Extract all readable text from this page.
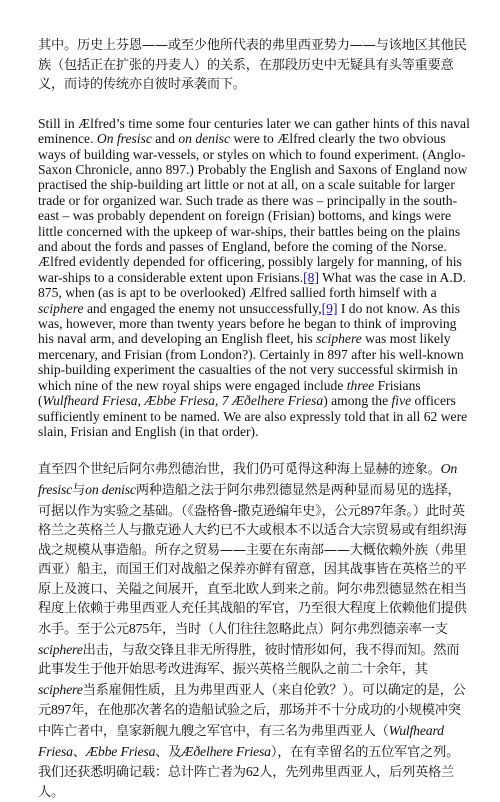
其中。历史上芬恩——或至少他所代表的弗里西亚势力——与该地区其他民族（包括正在扩张的丹麦人）的关系，在那段历史中无疑具有头等重要意义，而诗的传统亦自彼时承袭而下。

Still in Ælfred’s time some four centuries later we can gather hints of this naval eminence. On fresisc and on denisc were to Ælfred clearly the two obvious ways of building war-vessels, or styles on which to found experiment. (Anglo-Saxon Chronicle, anno 897.) Probably the English and Saxons of England now practised the ship-building art little or not at all, on a scale suitable for larger trade or for organized war. Such trade as there was – principally in the south-east – was probably dependent on foreign (Frisian) bottoms, and kings were little concerned with the upkeep of war-ships, their battles being on the plains and about the fords and passes of England, before the coming of the Norse. Ælfred evidently depended for officering, possibly largely for manning, of his war-ships to a considerable extent upon Frisians.[8] What was the case in A.D. 875, when (as is apt to be overlooked) Ælfred sallied forth himself with a sciphere and engaged the enemy not unsuccessfully,[9] I do not know. As this was, however, more than twenty years before he began to think of improving his naval arm, and developing an English fleet, his sciphere was most likely mercenary, and Frisian (from London?). Certainly in 897 after his well-known ship-building experiment the casualties of the not very successful skirmish in which nine of the new royal ships were engaged include three Frisians (Wulfheard Friesa, Æbbe Friesa, 7 Æðelhere Friesa) among the five officers sufficiently eminent to be named. We are also expressly told that in all 62 were slain, Frisian and English (in that order).

直至四个世纪后阿尔弗烈德治世，我们仍可觅得这种海上显赫的迹象。On fresisc与on denisc两种造船之法于阿尔弗烈德显然是两种显而易见的选择，可据以作为实验之基础。（《盎格鲁-撒克逊编年史》，公元897年条。）此时英格兰之英格兰人与撒克逊人大约已不大或根本不以适合大宗贸易或有组织海战之规模从事造船。所存之贸易——主要在东南部——大概依赖外族（弗里西亚）船主，而国王们对战船之保养亦鲜有留意，因其战事皆在英格兰的平原上及渡口、关隘之间展开，直至北欧人到来之前。阿尔弗烈德显然在相当程度上依赖于弗里西亚人充任其战船的军官，乃至很大程度上依赖他们提供水手。至于公元875年，当时（人们往往忽略此点）阿尔弗烈德亲率一支sciphere出击，与敌交锋且非无所得胜，彼时情形如何，我不得而知。然而此事发生于他开始思考改进海军、振兴英格兰舰队之前二十余年，其sciphere当系雇佣性质，且为弗里西亚人（来自伦敦？）。可以确定的是，公元897年，在他那次著名的造船试验之后，那场并不十分成功的小规模冲突中阵亡者中，皇家新舰九艘之军官中，有三名为弗里西亚人（Wulfheard Friesa、Æbbe Friesa、及Æðelhere Friesa），在有幸留名的五位军官之列。我们还获悉明确记载：总计阵亡者为62人，先列弗里西亚人，后列英格兰人。
